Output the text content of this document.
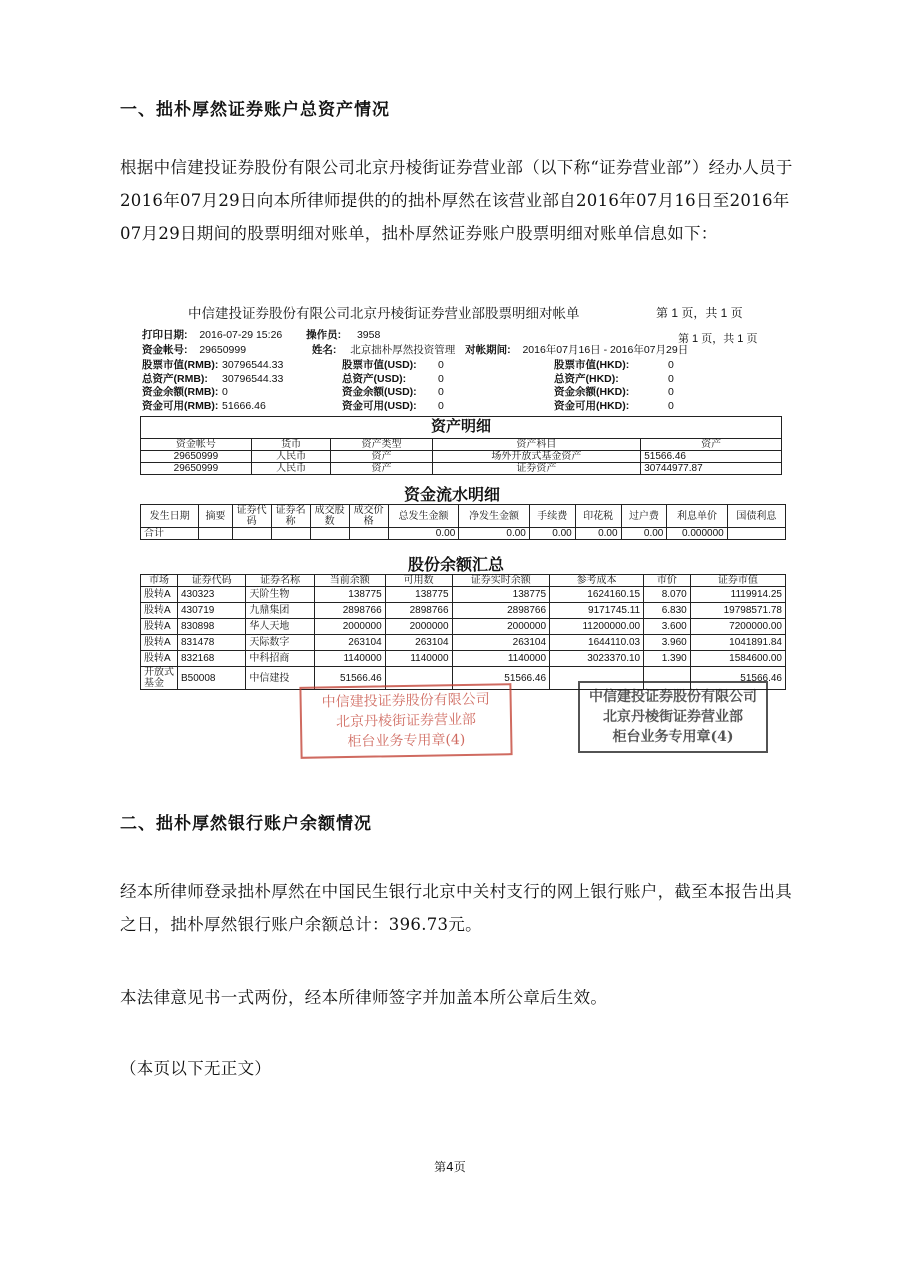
一、拙朴厚然证券账户总资产情况
根据中信建投证券股份有限公司北京丹棱街证券营业部（以下称“证券营业部”）经办人员于2016年07月29日向本所律师提供的的拙朴厚然在该营业部自2016年07月16日至2016年07月29日期间的股票明细对账单，拙朴厚然证券账户股票明细对账单信息如下：
中信建投证券股份有限公司北京丹棱街证券营业部股票明细对帐单	第 1 页，共 1 页
第 1 页，共 1 页
打印日期: 2016-07-29 15:26 操作员: 3958
资金帐号: 29650999	姓名: 北京拙朴厚然投资管理 对帐期间: 2016年07月16日 - 2016年07月29日
股票市值(RMB): 30796544.33	股票市值(USD): 0	股票市值(HKD):	0
总资产(RMB): 30796544.33	总资产(USD):	0	总资产(HKD):	0
资金余额(RMB): 0	资金余额(USD): 0	资金余额(HKD):	0
资金可用(RMB): 51666.46	资金可用(USD): 0	资金可用(HKD):	0
资产明细				
资金帐号	货币	资产类型	资产科目	资产
29650999	人民币	资产	场外开放式基金资产	51566.46
29650999	人民币	资产	证券资产	30744977.87
资金流水明细
发生日期	摘要	证券代码	证券名称	成交股数	成交价格	总发生金额	净发生金额	手续费	印花税	过户费	利息单价	国债利息
合计						0.00	0.00	0.00	0.00	0.00	0.000000	
股份余额汇总
市场	证券代码	证券名称	当前余额	可用数	证券实时余额	参考成本	市价	证券市值
股转A	430323	天阶生物	138775	138775	138775	1624160.15	8.070	1119914.25
股转A	430719	九鼎集团	2898766	2898766	2898766	9171745.11	6.830	19798571.78
股转A	830898	华人天地	2000000	2000000	2000000	11200000.00	3.600	7200000.00
股转A	831478	天际数字	263104	263104	263104	1644110.03	3.960	1041891.84
股转A	832168	中科招商	1140000	1140000	1140000	3023370.10	1.390	1584600.00
开放式基金	B50008	中信建投	51566.46		51566.46			51566.46
中信建投证券股份有限公司
北京丹棱街证券营业部
柜台业务专用章(4)
中信建投证券股份有限公司
北京丹棱街证券营业部
柜台业务专用章(4)
二、拙朴厚然银行账户余额情况
经本所律师登录拙朴厚然在中国民生银行北京中关村支行的网上银行账户，截至本报告出具之日，拙朴厚然银行账户余额总计：396.73元。
本法律意见书一式两份，经本所律师签字并加盖本所公章后生效。
（本页以下无正文）
第4页
